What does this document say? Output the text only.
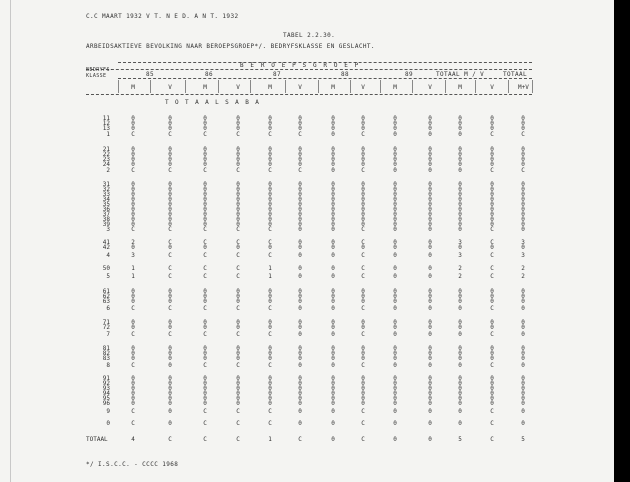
C.C MAART 1932 V T. N E D. A N T. 1932
TABEL 2.2.30.
ARBEIDSAKTIEVE BEVOLKING NAAR BEROEPSGROEP*/. BEDRYFSKLASSE EN GESLACHT.
BEDRYFS- KLASSE
B E R O E P S G R O E P
85	86	87	88	89	TOTAAL M / V	TOTAAL
M	V	M	V	M	V	M	V	M	V	M	V	M+V
T O T A A L S A B A
11	0	0	0	0	0	0	0	0	0	0	0	0	0
12	0	0	0	0	0	0	0	0	0	0	0	0	0
13	0	0	0	0	0	0	0	0	0	0	0	0	0
1	C	C	C	C	C	C	0	C	0	0	0	C	C
21	0	0	0	0	0	0	0	0	0	0	0	0	0
22	0	0	0	0	0	0	0	0	0	0	0	0	0
23	0	0	0	0	0	0	0	0	0	0	0	0	0
24	0	0	0	0	0	0	0	0	0	0	0	0	0
2	C	C	C	C	C	C	0	C	0	0	0	C	C
31	0	0	0	0	0	0	0	0	0	0	0	0	0
32	0	0	0	0	0	0	0	0	0	0	0	0	0
33	0	0	0	0	0	0	0	0	0	0	0	0	0
34	0	0	0	0	0	0	0	0	0	0	0	0	0
35	0	0	0	0	0	0	0	0	0	0	0	0	0
36	0	0	0	0	0	0	0	0	0	0	0	0	0
37	0	0	0	0	0	0	0	0	0	0	0	0	0
38	0	0	0	0	0	0	0	0	0	0	0	0	0
39	0	0	0	0	0	0	0	0	0	0	0	0	0
3	C	C	C	C	C	0	0	C	0	0	0	C	0
41	2	C	C	C	C	0	0	C	0	0	3	C	3
42	0	0	0	0	0	0	0	0	0	0	0	0	0
4	3	C	C	C	C	0	0	C	0	0	3	C	3
50	1	C	C	C	1	0	0	C	0	0	2	C	2
5	1	C	C	C	1	0	0	C	0	0	2	C	2
61	0	0	0	0	0	0	0	0	0	0	0	0	0
62	0	0	0	0	0	0	0	0	0	0	0	0	0
63	0	0	0	0	0	0	0	0	0	0	0	0	0
6	C	C	C	C	C	0	0	C	0	0	0	C	0
71	0	0	0	0	0	0	0	0	0	0	0	0	0
72	0	0	0	0	0	0	0	0	0	0	0	0	0
7	C	C	C	C	C	0	0	C	0	0	0	C	0
81	0	0	0	0	0	0	0	0	0	0	0	0	0
82	0	0	0	0	0	0	0	0	0	0	0	0	0
83	0	0	0	0	0	0	0	0	0	0	0	0	0
8	C	0	C	C	C	0	0	C	0	0	0	C	0
91	0	0	0	0	0	0	0	0	0	0	0	0	0
92	0	0	0	0	0	0	0	0	0	0	0	0	0
93	0	0	0	0	0	0	0	0	0	0	0	0	0
94	0	0	0	0	0	0	0	0	0	0	0	0	0
95	0	0	0	0	0	0	0	0	0	0	0	0	0
96	0	0	0	0	0	0	0	0	0	0	0	0	0
9	C	0	C	C	C	0	0	C	0	0	0	C	0
0	C	0	C	C	C	0	0	C	0	0	0	C	0
TOTAAL	4	C	C	C	1	C	0	C	0	0	5	C	5
*/ I.S.C.C. - CCCC 1968
